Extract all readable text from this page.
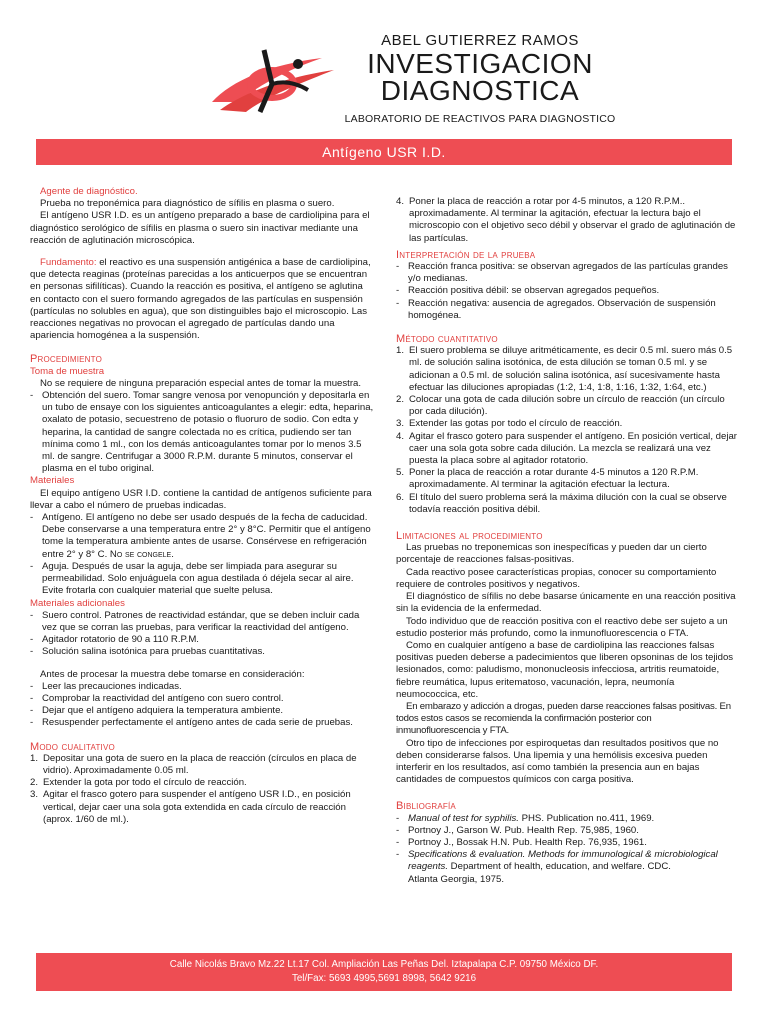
ABEL GUTIERREZ RAMOS
INVESTIGACION
DIAGNOSTICA
LABORATORIO DE REACTIVOS PARA DIAGNOSTICO
Antígeno USR I.D.

Agente de diagnóstico.

Prueba no treponémica para diagnóstico de sífilis en plasma o suero.

El antígeno USR I.D. es un antígeno preparado a base de cardiolipina para el diagnóstico serológico de sífilis en plasma o suero sin inactivar mediante una reacción de aglutinación microscópica.

Fundamento: el reactivo es una suspensión antigénica a base de cardiolipina, que detecta reaginas (proteínas parecidas a los anticuerpos que se encuentran en personas sifilíticas). Cuando la reacción es positiva, el antígeno se aglutina en contacto con el suero formando agregados de las partículas en suspensión (partículas no solubles en agua), que son distinguibles bajo el microscopio. Las reacciones negativas no provocan el agregado de partículas dando una apariencia homogénea a la suspensión.

Procedimiento

Toma de muestra

No se requiere de ninguna preparación especial antes de tomar la muestra.

- Obtención del suero. Tomar sangre venosa por venopunción y depositarla en un tubo de ensaye con los siguientes anticoagulantes a elegir: edta, heparina, oxalato de potasio, secuestreno de potasio o fluoruro de sodio. Con edta y heparina, la cantidad de sangre colectada no es crítica, pudiendo ser tan mínima como 1 ml., con los demás anticoagulantes tomar por lo menos 3.5 ml. de sangre. Centrifugar a 3000 R.P.M. durante 5 minutos, conservar el plasma en el tubo original.

Materiales

El equipo antígeno USR I.D. contiene la cantidad de antígenos suficiente para llevar a cabo el número de pruebas indicadas.

- Antígeno. El antígeno no debe ser usado después de la fecha de caducidad. Debe conservarse a una temperatura entre 2° y 8°C. Permitir que el antígeno tome la temperatura ambiente antes de usarse. Consérvese en refrigeración entre 2° y 8° C. No se congele.
- Aguja. Después de usar la aguja, debe ser limpiada para asegurar su permeabilidad. Solo enjuáguela con agua destilada ó déjela secar al aire. Evite frotarla con cualquier material que suelte pelusa.

Materiales adicionales

- Suero control. Patrones de reactividad estándar, que se deben incluir cada vez que se corran las pruebas, para verificar la reactividad del antígeno.
- Agitador rotatorio de 90 a 110 R.P.M.
- Solución salina isotónica para pruebas cuantitativas.

Antes de procesar la muestra debe tomarse en consideración:

- Leer las precauciones indicadas.
- Comprobar la reactividad del antígeno con suero control.
- Dejar que el antígeno adquiera la temperatura ambiente.
- Resuspender perfectamente el antígeno antes de cada serie de pruebas.
Modo cualitativo
1. Depositar una gota de suero en la placa de reacción (círculos en placa de vidrio). Aproximadamente 0.05 ml.
2. Extender la gota por todo el círculo de reacción.
3. Agitar el frasco gotero para suspender el antígeno USR I.D., en posición vertical, dejar caer una sola gota extendida en cada círculo de reacción (aprox. 1/60 de ml.).
4. Poner la placa de reacción a rotar por 4-5 minutos, a 120 R.P.M.. aproximadamente. Al terminar la agitación, efectuar la lectura bajo el microscopio con el objetivo seco débil y observar el grado de aglutinación de las partículas.
Interpretación de la prueba
- Reacción franca positiva: se observan agregados de las partículas grandes y/o medianas.
- Reacción positiva débil: se observan agregados pequeños.
- Reacción negativa: ausencia de agregados. Observación de suspensión homogénea.
Método cuantitativo
1. El suero problema se diluye aritméticamente, es decir 0.5 ml. suero más 0.5 ml. de solución salina isotónica, de esta dilución se toman 0.5 ml. y se adicionan a 0.5 ml. de solución salina isotónica, así sucesivamente hasta efectuar las diluciones apropiadas (1:2, 1:4, 1:8, 1:16, 1:32, 1:64, etc.)
2. Colocar una gota de cada dilución sobre un círculo de reacción (un círculo por cada dilución).
3. Extender las gotas por todo el círculo de reacción.
4. Agitar el frasco gotero para suspender el antígeno. En posición vertical, dejar caer una sola gota sobre cada dilución. La mezcla se realizará una vez puesta la placa sobre al agitador rotatorio.
5. Poner la placa de reacción a rotar durante 4-5 minutos a 120 R.P.M. aproximadamente. Al terminar la agitación efectuar la lectura.
6. El título del suero problema será la máxima dilución con la cual se observe todavía reacción positiva débil.
Limitaciones al procedimiento

Las pruebas no treponemicas son inespecíficas y pueden dar un cierto porcentaje de reacciones falsas-positivas.

Cada reactivo posee características propias, conocer su comportamiento requiere de controles positivos y negativos.

El diagnóstico de sífilis no debe basarse únicamente en una reacción positiva sin la evidencia de la enfermedad.

Todo individuo que de reacción positiva con el reactivo debe ser sujeto a un estudio posterior más profundo, como la inmunofluorescencia o FTA.

Como en cualquier antígeno a base de cardiolipina las reacciones falsas positivas pueden deberse a padecimientos que liberen opsoninas de los tejidos lesionados, como: paludismo, mononucleosis infecciosa, artritis reumatoide, fiebre reumática, lupus eritematoso, vacunación, lepra, neumonía neumococcica, etc.

En embarazo y adicción a drogas, pueden darse reacciones falsas positivas. En todos estos casos se recomienda la confirmación posterior con inmunofluorescencia y FTA.

Otro tipo de infecciones por espiroquetas dan resultados positivos que no deben considerarse falsos. Una lipemia y una hemólisis excesiva pueden interferir en los resultados, así como también la presencia aun en bajas cantidades de compuestos químicos con carga positiva.

Bibliografía
- Manual of test for syphilis. PHS. Publication no.411, 1969.
- Portnoy J., Garson W. Pub. Health Rep. 75,985, 1960.
- Portnoy J., Bossak H.N. Pub. Health Rep. 76,935, 1961.
- Specifications & evaluation. Methods for immunological & microbiological reagents. Department of health, education, and welfare. CDC.
Atlanta Georgia, 1975.
Calle Nicolás Bravo Mz.22 Lt.17 Col. Ampliación Las Peñas Del. Iztapalapa C.P. 09750 México DF.
Tel/Fax: 5693 4995,5691 8998, 5642 9216
